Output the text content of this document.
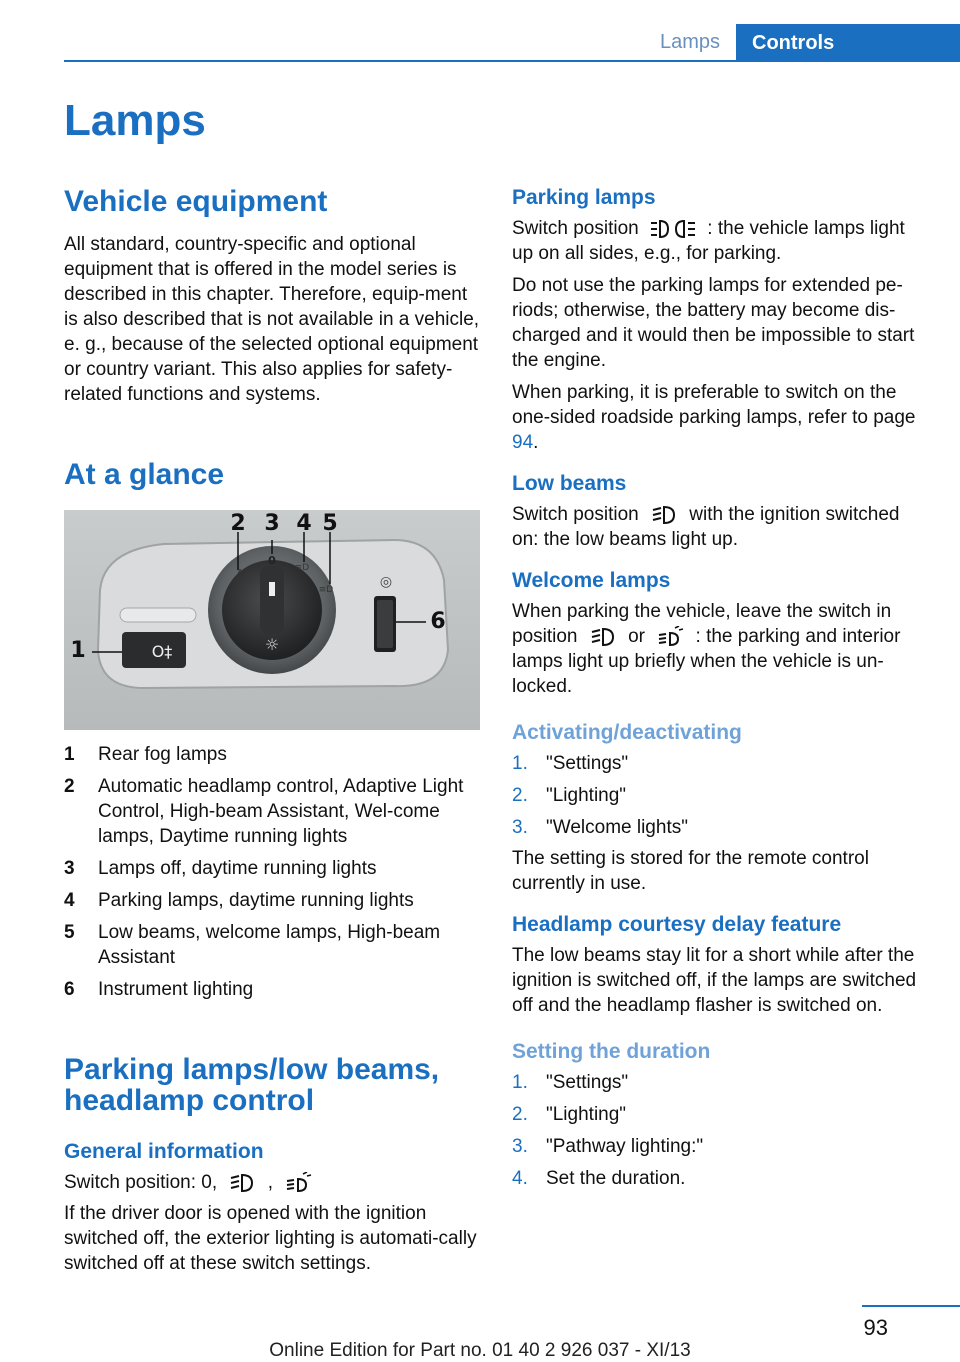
Lamps	Controls
Lamps
Vehicle equipment

All standard, country-specific and optional equipment that is offered in the model series is described in this chapter. Therefore, equip-ment is also described that is not available in a vehicle, e. g., because of the selected optional equipment or country variant. This also applies for safety-related functions and systems.

At a glance
O‡	☼
A
0
≡D
≡D	◎
1
2 3 4 5
6
1	Rear fog lamps
2	Automatic headlamp control, Adaptive Light Control, High-beam Assistant, Wel-come lamps, Daytime running lights
3	Lamps off, daytime running lights
4	Parking lamps, daytime running lights
5	Low beams, welcome lamps, High-beam Assistant
6	Instrument lighting
Parking lamps/low beams, headlamp control
General information

Switch position: 0,	,

If the driver door is opened with the ignition switched off, the exterior lighting is automati-cally switched off at these switch settings.

Parking lamps

Switch position	: the vehicle lamps light up on all sides, e.g., for parking.

Do not use the parking lamps for extended pe-riods; otherwise, the battery may become dis-charged and it would then be impossible to start the engine.

When parking, it is preferable to switch on the one-sided roadside parking lamps, refer to page 94.

Low beams

Switch position	with the ignition switched on: the low beams light up.

Welcome lamps

When parking the vehicle, leave the switch in position	or	: the parking and interior lamps light up briefly when the vehicle is un-locked.

Activating/deactivating
1. "Settings"
2. "Lighting"
3. "Welcome lights"

The setting is stored for the remote control currently in use.

Headlamp courtesy delay feature

The low beams stay lit for a short while after the ignition is switched off, if the lamps are switched off and the headlamp flasher is switched on.

Setting the duration
1. "Settings"
2. "Lighting"
3. "Pathway lighting:"
4. Set the duration.
93
Online Edition for Part no. 01 40 2 926 037 - XI/13
